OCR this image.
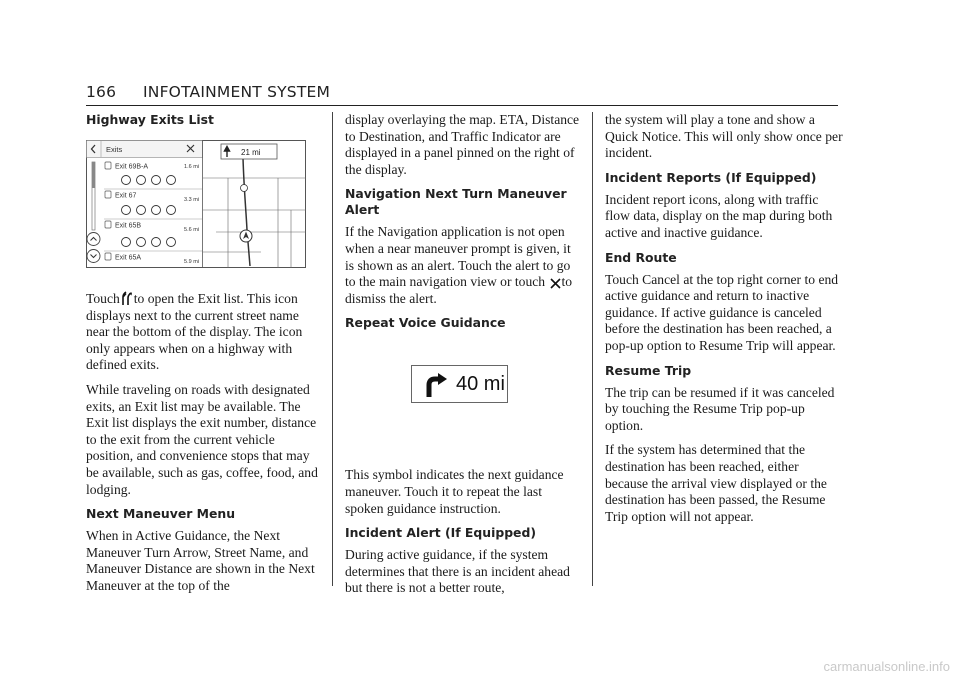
166 INFOTAINMENT SYSTEM
Highway Exits List
Exits
Exit 69B-A	1.6 mi
Exit 67
3.3 mi
Exit 65B
5.6 mi
Exit 65A
5.9 mi
21 mi

Touch to open the Exit list. This icon displays next to the current street name near the bottom of the display. The icon only appears when on a highway with defined exits.

While traveling on roads with designated exits, an Exit list may be available. The Exit list displays the exit number, distance to the exit from the current vehicle position, and convenience stops that may be available, such as gas, coffee, food, and lodging.

Next Maneuver Menu

When in Active Guidance, the Next Maneuver Turn Arrow, Street Name, and Maneuver Distance are shown in the Next Maneuver at the top of the

display overlaying the map. ETA, Distance to Destination, and Traffic Indicator are displayed in a panel pinned on the right of the display.

Navigation Next Turn Maneuver Alert

If the Navigation application is not open when a near maneuver prompt is given, it is shown as an alert. Touch the alert to go to the main navigation view or touch to dismiss the alert.

Repeat Voice Guidance
40 mi

This symbol indicates the next guidance maneuver. Touch it to repeat the last spoken guidance instruction.

Incident Alert (If Equipped)

During active guidance, if the system determines that there is an incident ahead but there is not a better route,

the system will play a tone and show a Quick Notice. This will only show once per incident.

Incident Reports (If Equipped)

Incident report icons, along with traffic flow data, display on the map during both active and inactive guidance.

End Route

Touch Cancel at the top right corner to end active guidance and return to inactive guidance. If active guidance is canceled before the destination has been reached, a pop-up option to Resume Trip will appear.

Resume Trip

The trip can be resumed if it was canceled by touching the Resume Trip pop-up option.

If the system has determined that the destination has been reached, either because the arrival view displayed or the destination has been passed, the Resume Trip option will not appear.

carmanualsonline.info
